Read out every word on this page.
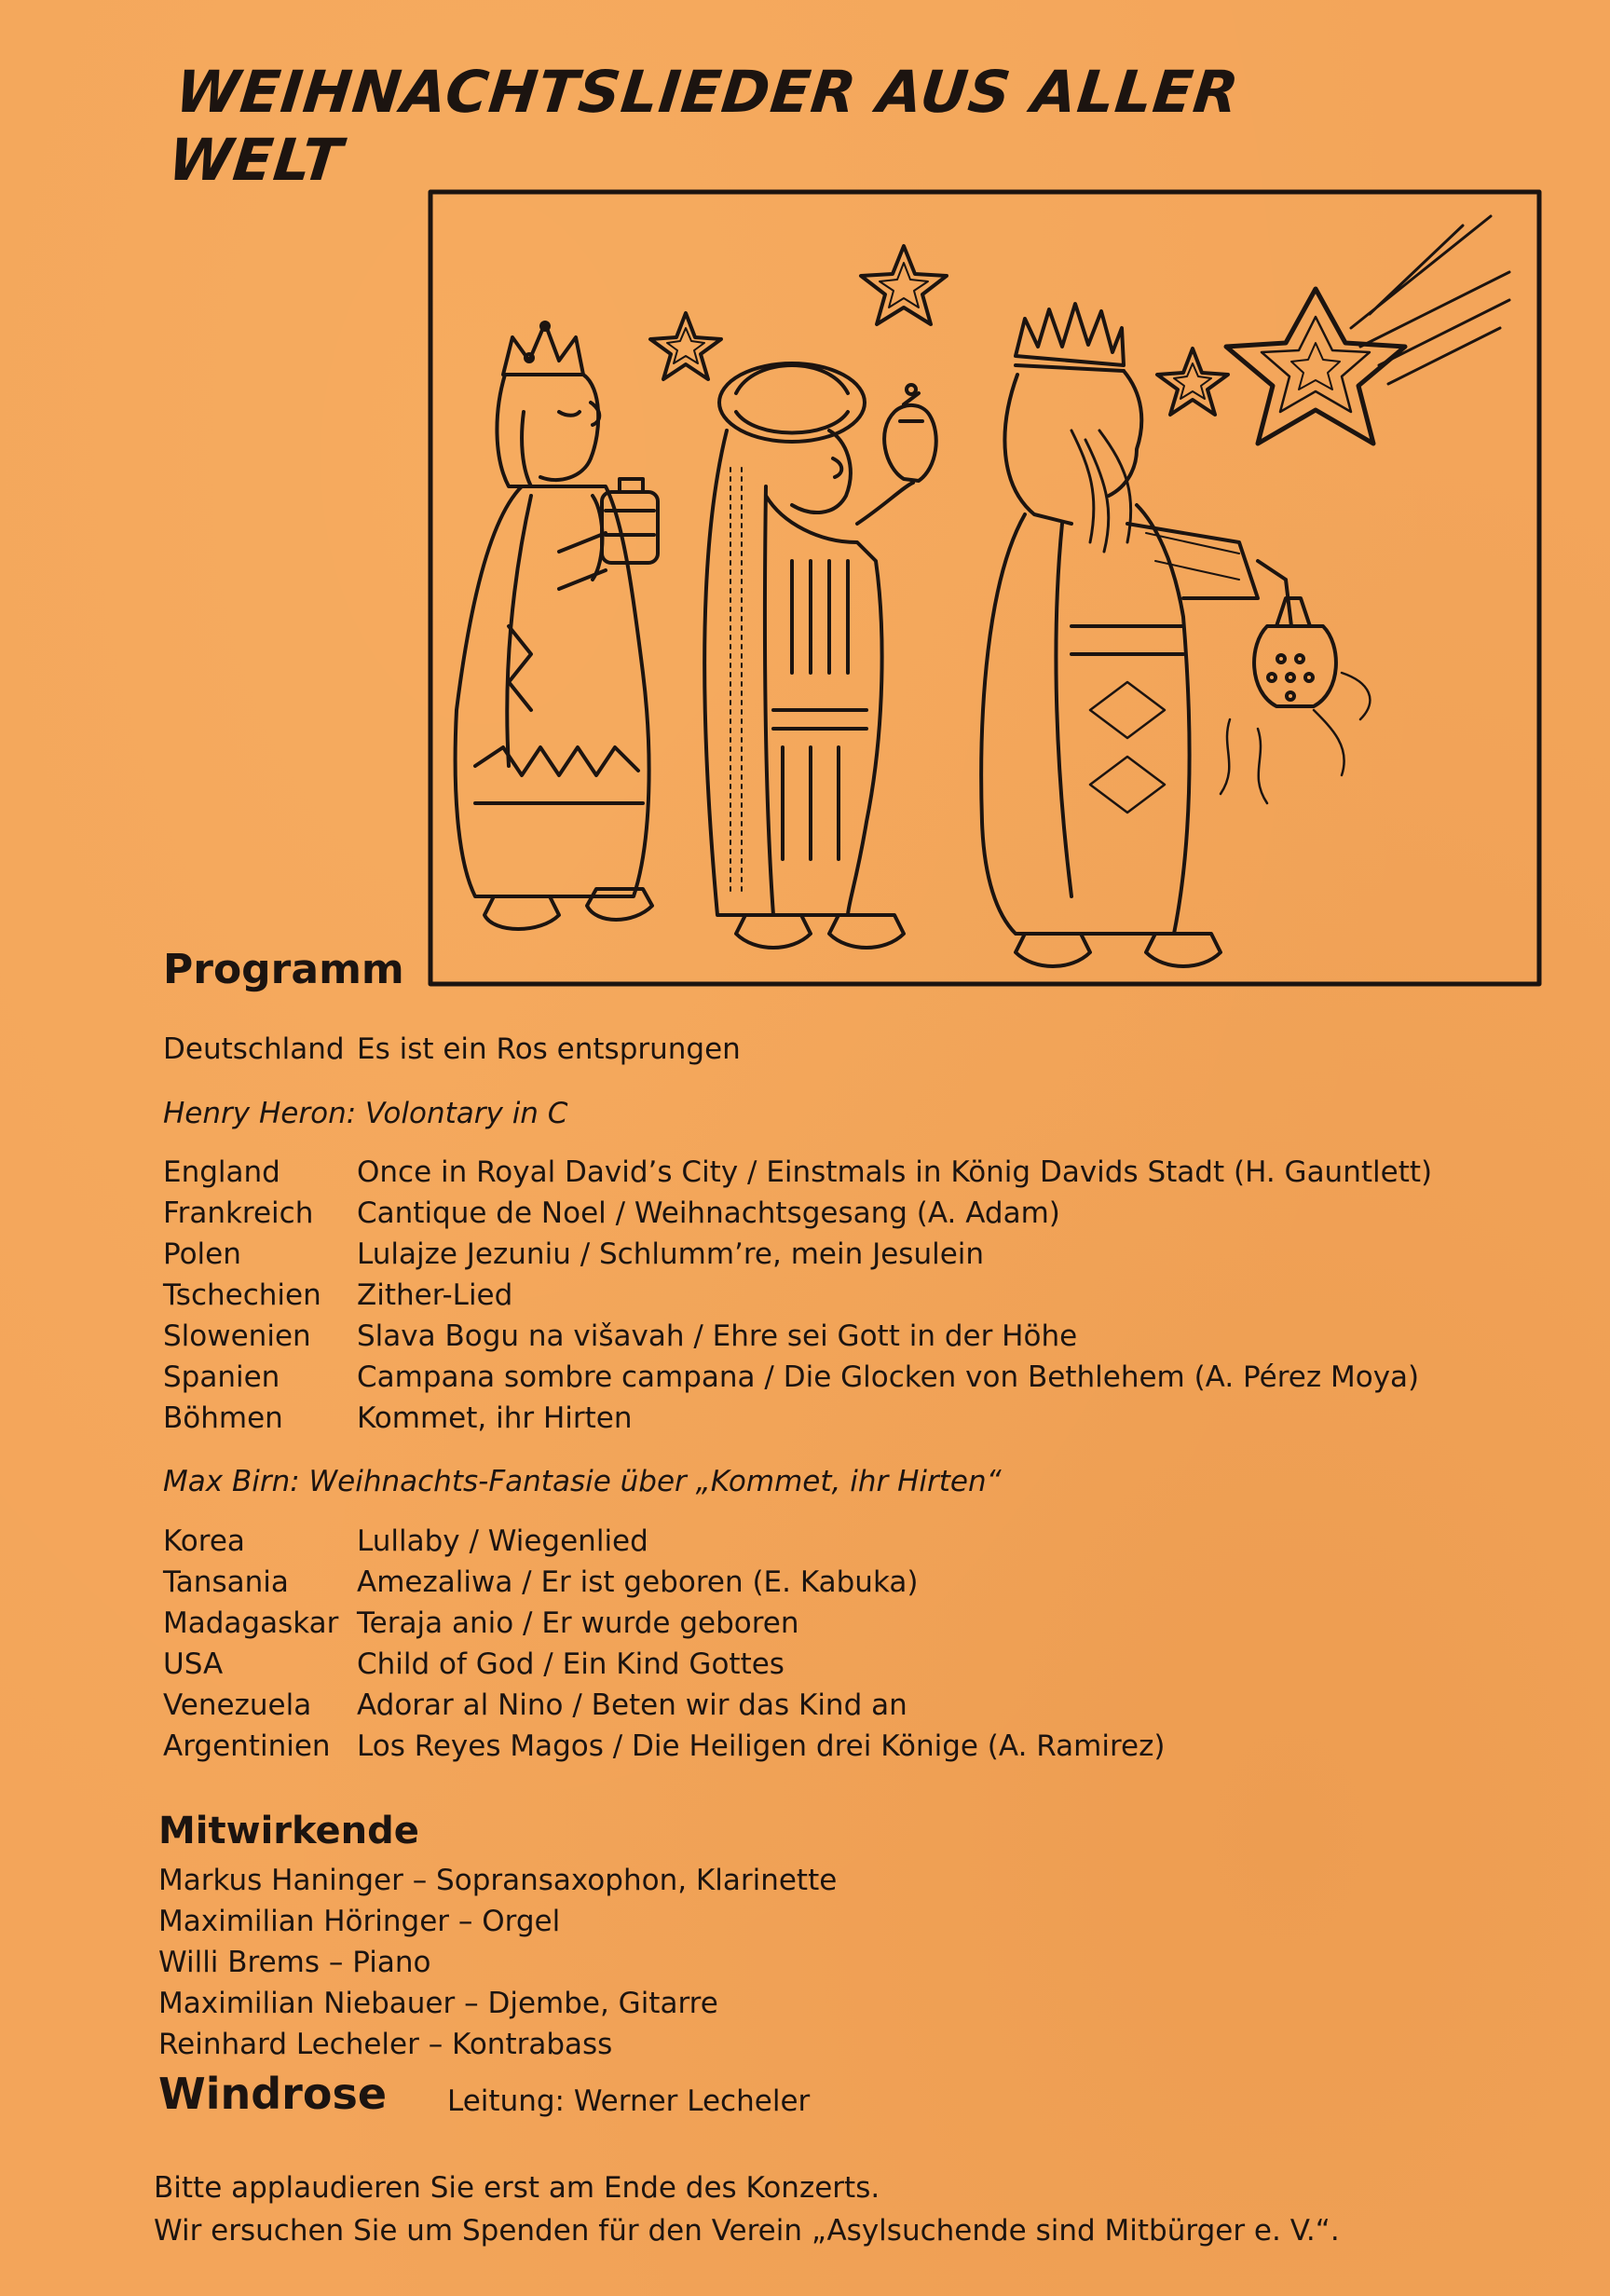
WEIHNACHTSLIEDER AUS ALLER WELT
Programm
Deutschland Es ist ein Ros entsprungen
Henry Heron: Volontary in C
England	Once in Royal David’s City / Einstmals in König Davids Stadt (H. Gauntlett)
Frankreich Cantique de Noel / Weihnachtsgesang (A. Adam)
Polen	Lulajze Jezuniu / Schlumm’re, mein Jesulein
Tschechien Zither-Lied
Slowenien Slava Bogu na višavah / Ehre sei Gott in der Höhe
Spanien	Campana sombre campana / Die Glocken von Bethlehem (A. Pérez Moya)
Böhmen	Kommet, ihr Hirten
Max Birn: Weihnachts-Fantasie über „Kommet, ihr Hirten“
Korea	Lullaby / Wiegenlied
Tansania Amezaliwa / Er ist geboren (E. Kabuka)
Madagaskar Teraja anio / Er wurde geboren
USA	Child of God / Ein Kind Gottes
Venezuela Adorar al Nino / Beten wir das Kind an
Argentinien Los Reyes Magos / Die Heiligen drei Könige (A. Ramirez)
Mitwirkende
Markus Haninger – Sopransaxophon, Klarinette
Maximilian Höringer – Orgel
Willi Brems – Piano
Maximilian Niebauer – Djembe, Gitarre
Reinhard Lecheler – Kontrabass
Windrose Leitung: Werner Lecheler
Bitte applaudieren Sie erst am Ende des Konzerts.
Wir ersuchen Sie um Spenden für den Verein „Asylsuchende sind Mitbürger e. V.“.
